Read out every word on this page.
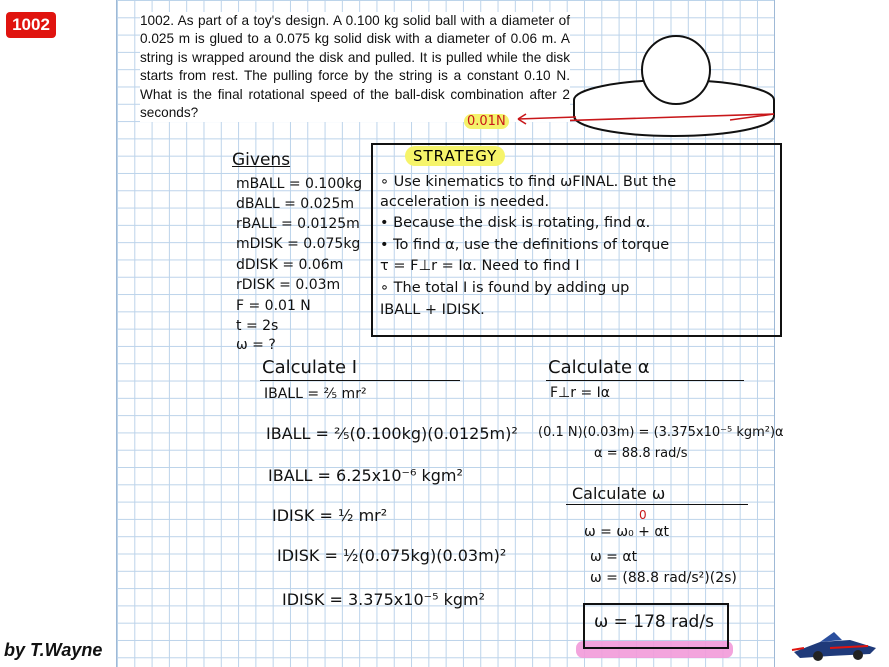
1002	1002. As part of a toy's design. A 0.100 kg solid ball with a diameter of 0.025 m is glued to a 0.075 kg solid disk with a diameter of 0.06 m. A string is wrapped around the disk and pulled. It is pulled while the disk starts from rest. The pulling force by the string is a constant 0.10 N. What is the final rotational speed of the ball-disk combination after 2 seconds?
0.01N
Givens
mBALL = 0.100kg
dBALL = 0.025m
rBALL = 0.0125m
mDISK = 0.075kg
dDISK = 0.06m
rDISK = 0.03m
F = 0.01 N
t = 2s
ω = ?
STRATEGY
∘ Use kinematics to find ωFINAL. But the
acceleration is needed.
• Because the disk is rotating, find α.
• To find α, use the definitions of torque
τ = F⊥r = Iα. Need to find I
∘ The total I is found by adding up
IBALL + IDISK.
Calculate I
IBALL = ⅖ mr²
IBALL = ⅖(0.100kg)(0.0125m)²
IBALL = 6.25x10⁻⁶ kgm²
IDISK = ½ mr²
IDISK = ½(0.075kg)(0.03m)²
IDISK = 3.375x10⁻⁵ kgm²
Calculate α
F⊥r = Iα
(0.1 N)(0.03m) = (3.375x10⁻⁵ kgm²)α
α = 88.8 rad/s
Calculate ω
ω = ω₀ + αt
0
ω = αt
ω = (88.8 rad/s²)(2s)
ω = 178 rad/s
by T.Wayne
